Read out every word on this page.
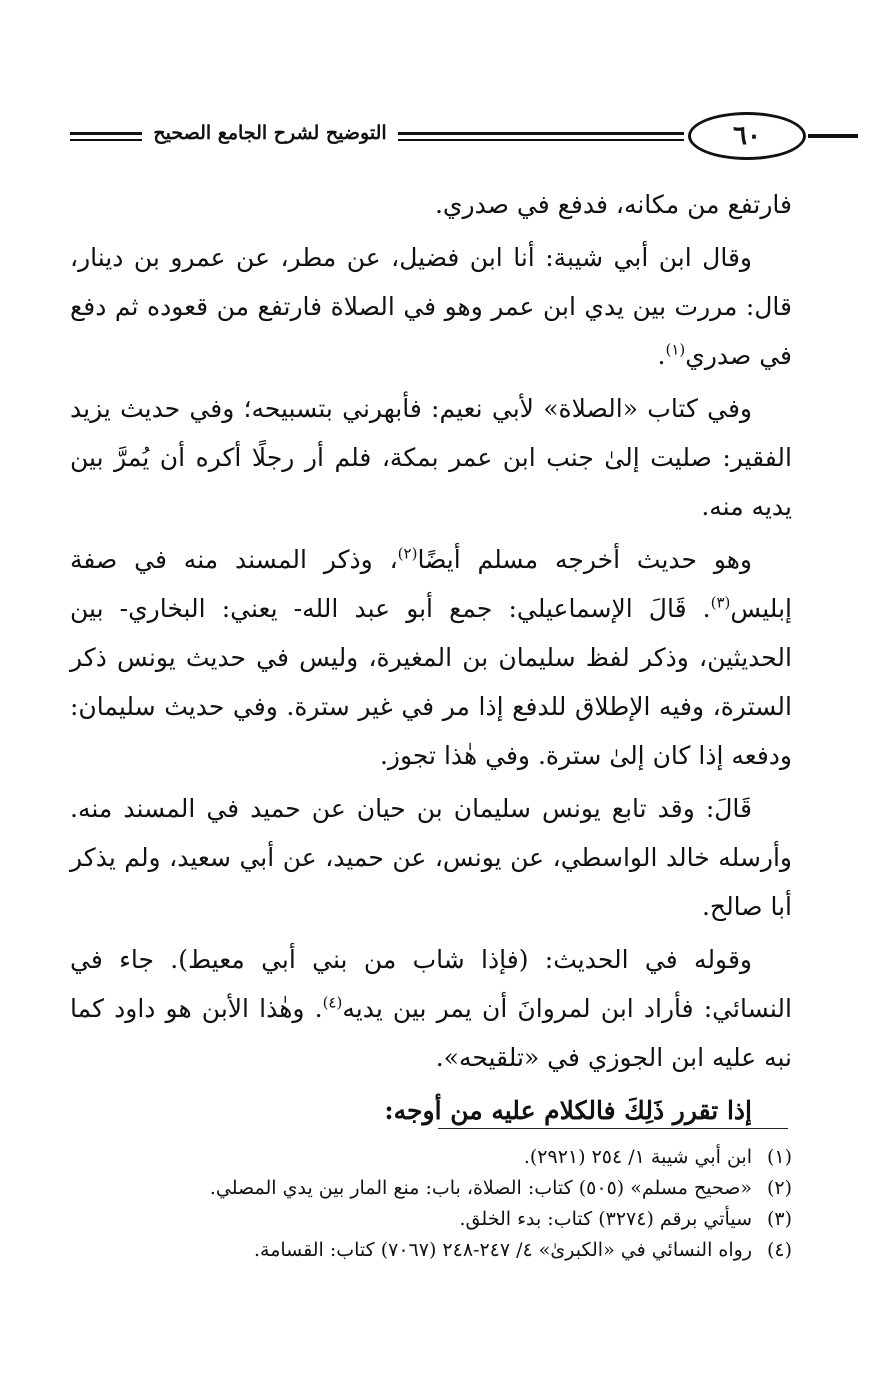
التوضيح لشرح الجامع الصحيح	٦٠

فارتفع من مكانه، فدفع في صدري.

وقال ابن أبي شيبة: أنا ابن فضيل، عن مطر، عن عمرو بن دينار، قال: مررت بين يدي ابن عمر وهو في الصلاة فارتفع من قعوده ثم دفع في صدري$^{(١)}$.

وفي كتاب «الصلاة» لأبي نعيم: فأبهرني بتسبيحه؛ وفي حديث يزيد الفقير: صليت إلىٰ جنب ابن عمر بمكة، فلم أر رجلًا أكره أن يُمرَّ بين يديه منه.

وهو حديث أخرجه مسلم أيضًا$^{(٢)}$، وذكر المسند منه في صفة إبليس$^{(٣)}$. قَالَ الإسماعيلي: جمع أبو عبد الله- يعني: البخاري- بين الحديثين، وذكر لفظ سليمان بن المغيرة، وليس في حديث يونس ذكر السترة، وفيه الإطلاق للدفع إذا مر في غير سترة. وفي حديث سليمان: ودفعه إذا كان إلىٰ سترة. وفي هٰذا تجوز.

قَالَ: وقد تابع يونس سليمان بن حيان عن حميد في المسند منه. وأرسله خالد الواسطي، عن يونس، عن حميد، عن أبي سعيد، ولم يذكر أبا صالح.

وقوله في الحديث: (فإذا شاب من بني أبي معيط). جاء في النسائي: فأراد ابن لمروانَ أن يمر بين يديه$^{(٤)}$. وهٰذا الأبن هو داود كما نبه عليه ابن الجوزي في «تلقيحه».

إذا تقرر ذَلِكَ فالكلام عليه من أوجه:

(١)
ابن أبي شيبة ١/ ٢٥٤ (٢٩٢١).

(٢)
«صحيح مسلم» (٥٠٥) كتاب: الصلاة، باب: منع المار بين يدي المصلي.

(٣)
سيأتي برقم (٣٢٧٤) كتاب: بدء الخلق.

(٤)
رواه النسائي في «الكبرىٰ» ٤/ ٢٤٧-٢٤٨ (٧٠٦٧) كتاب: القسامة.
